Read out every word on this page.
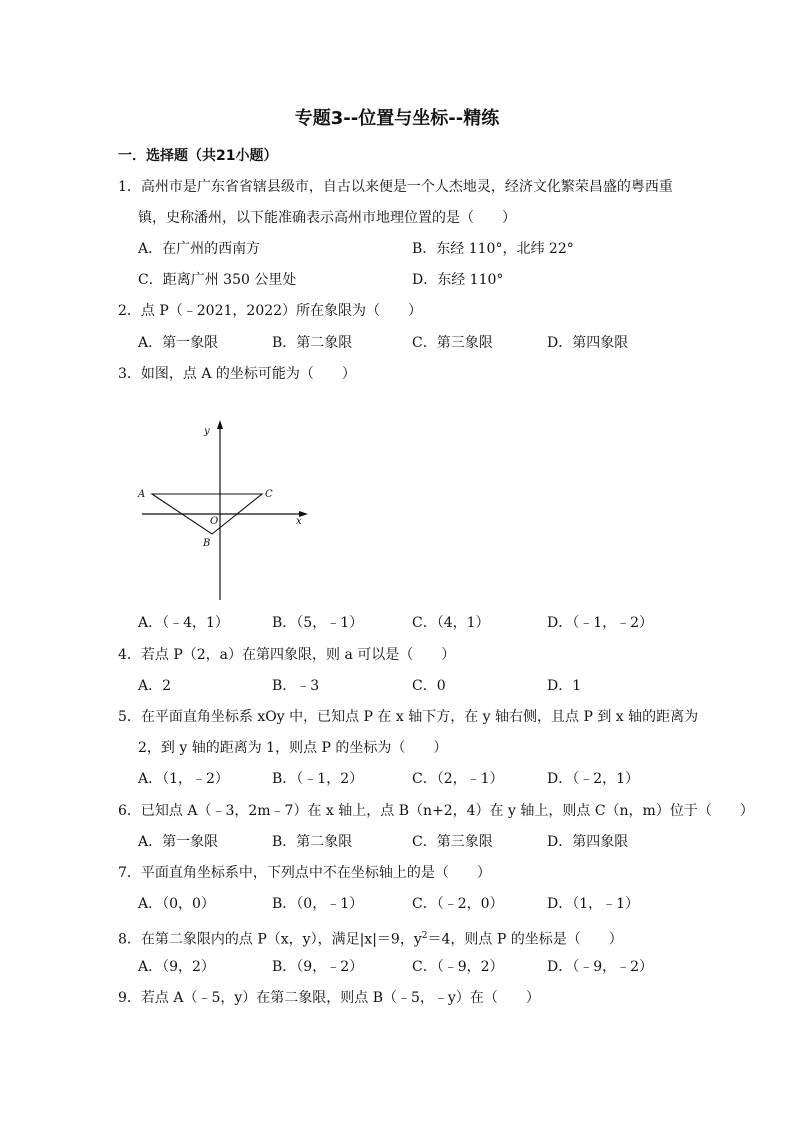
专题3--位置与坐标--精练
一．选择题（共21小题）
1．高州市是广东省省辖县级市，自古以来便是一个人杰地灵，经济文化繁荣昌盛的粤西重
镇，史称潘州，以下能准确表示高州市地理位置的是（　　）
A．在广州的西南方	B．东经 110°，北纬 22°
C．距离广州 350 公里处	D．东经 110°
2．点 P（﹣2021，2022）所在象限为（　　）
A．第一象限	B．第二象限	C．第三象限	D．第四象限
3．如图，点 A 的坐标可能为（　　）
y
x
A	C
O
B
A．（﹣4，1）	B．（5，﹣1）	C．（4，1）	D．（﹣1，﹣2）
4．若点 P（2，a）在第四象限，则 a 可以是（　　）
A．2	B．﹣3	C．0	D．1
5．在平面直角坐标系 xOy 中，已知点 P 在 x 轴下方，在 y 轴右侧，且点 P 到 x 轴的距离为
2，到 y 轴的距离为 1，则点 P 的坐标为（　　）
A．（1，﹣2）	B．（﹣1，2）	C．（2，﹣1）	D．（﹣2，1）
6．已知点 A（﹣3，2m﹣7）在 x 轴上，点 B（n+2，4）在 y 轴上，则点 C（n，m）位于（　　）
A．第一象限	B．第二象限	C．第三象限	D．第四象限
7．平面直角坐标系中，下列点中不在坐标轴上的是（　　）
A．（0，0）	B．（0，﹣1）	C．（﹣2，0）	D．（1，﹣1）
8．在第二象限内的点 P（x，y），满足|x|＝9，$y^2=4$，则点 P 的坐标是（　　）
A．（9，2）	B．（9，﹣2）	C．（﹣9，2）	D．（﹣9，﹣2）
9．若点 A（﹣5，y）在第二象限，则点 B（﹣5，﹣y）在（　　）
